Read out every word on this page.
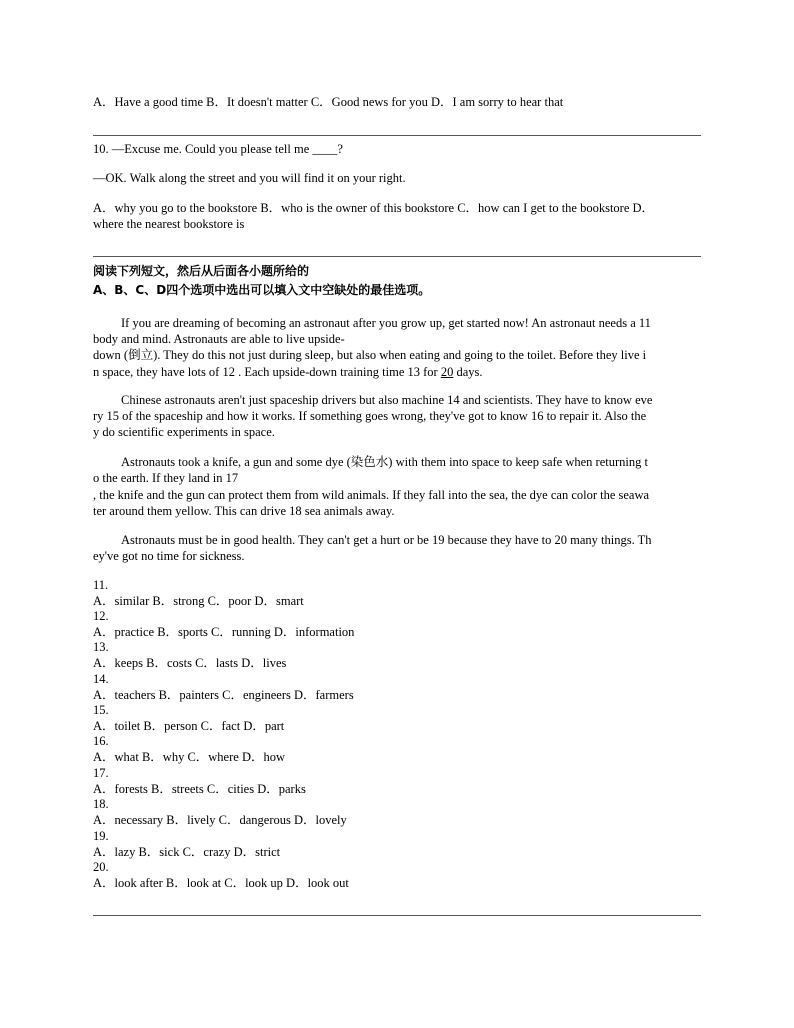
A．Have a good time B．It doesn't matter C．Good news for you D．I am sorry to hear that
10. —Excuse me. Could you please tell me ____?
—OK. Walk along the street and you will find it on your right.
A．why you go to the bookstore B．who is the owner of this bookstore C．how can I get to the bookstore D．
where the nearest bookstore is
阅读下列短文，然后从后面各小题所给的
A、B、C、D四个选项中选出可以填入文中空缺处的最佳选项。
If you are dreaming of becoming an astronaut after you grow up, get started now! An astronaut needs a 11
body and mind. Astronauts are able to live upside-
down (倒立). They do this not just during sleep, but also when eating and going to the toilet. Before they live i
n space, they have lots of 12 . Each upside-down training time 13 for 20 days.
Chinese astronauts aren't just spaceship drivers but also machine 14 and scientists. They have to know eve
ry 15 of the spaceship and how it works. If something goes wrong, they've got to know 16 to repair it. Also the
y do scientific experiments in space.
Astronauts took a knife, a gun and some dye (染色水) with them into space to keep safe when returning t
o the earth. If they land in 17
, the knife and the gun can protect them from wild animals. If they fall into the sea, the dye can color the seawa
ter around them yellow. This can drive 18 sea animals away.
Astronauts must be in good health. They can't get a hurt or be 19 because they have to 20 many things. Th
ey've got no time for sickness.
11.
A．similar B．strong C．poor D．smart
12.
A．practice B．sports C．running D．information
13.
A．keeps B．costs C．lasts D．lives
14.
A．teachers B．painters C．engineers D．farmers
15.
A．toilet B．person C．fact D．part
16.
A．what B．why C．where D．how
17.
A．forests B．streets C．cities D．parks
18.
A．necessary B．lively C．dangerous D．lovely
19.
A．lazy B．sick C．crazy D．strict
20.
A．look after B．look at C．look up D．look out
